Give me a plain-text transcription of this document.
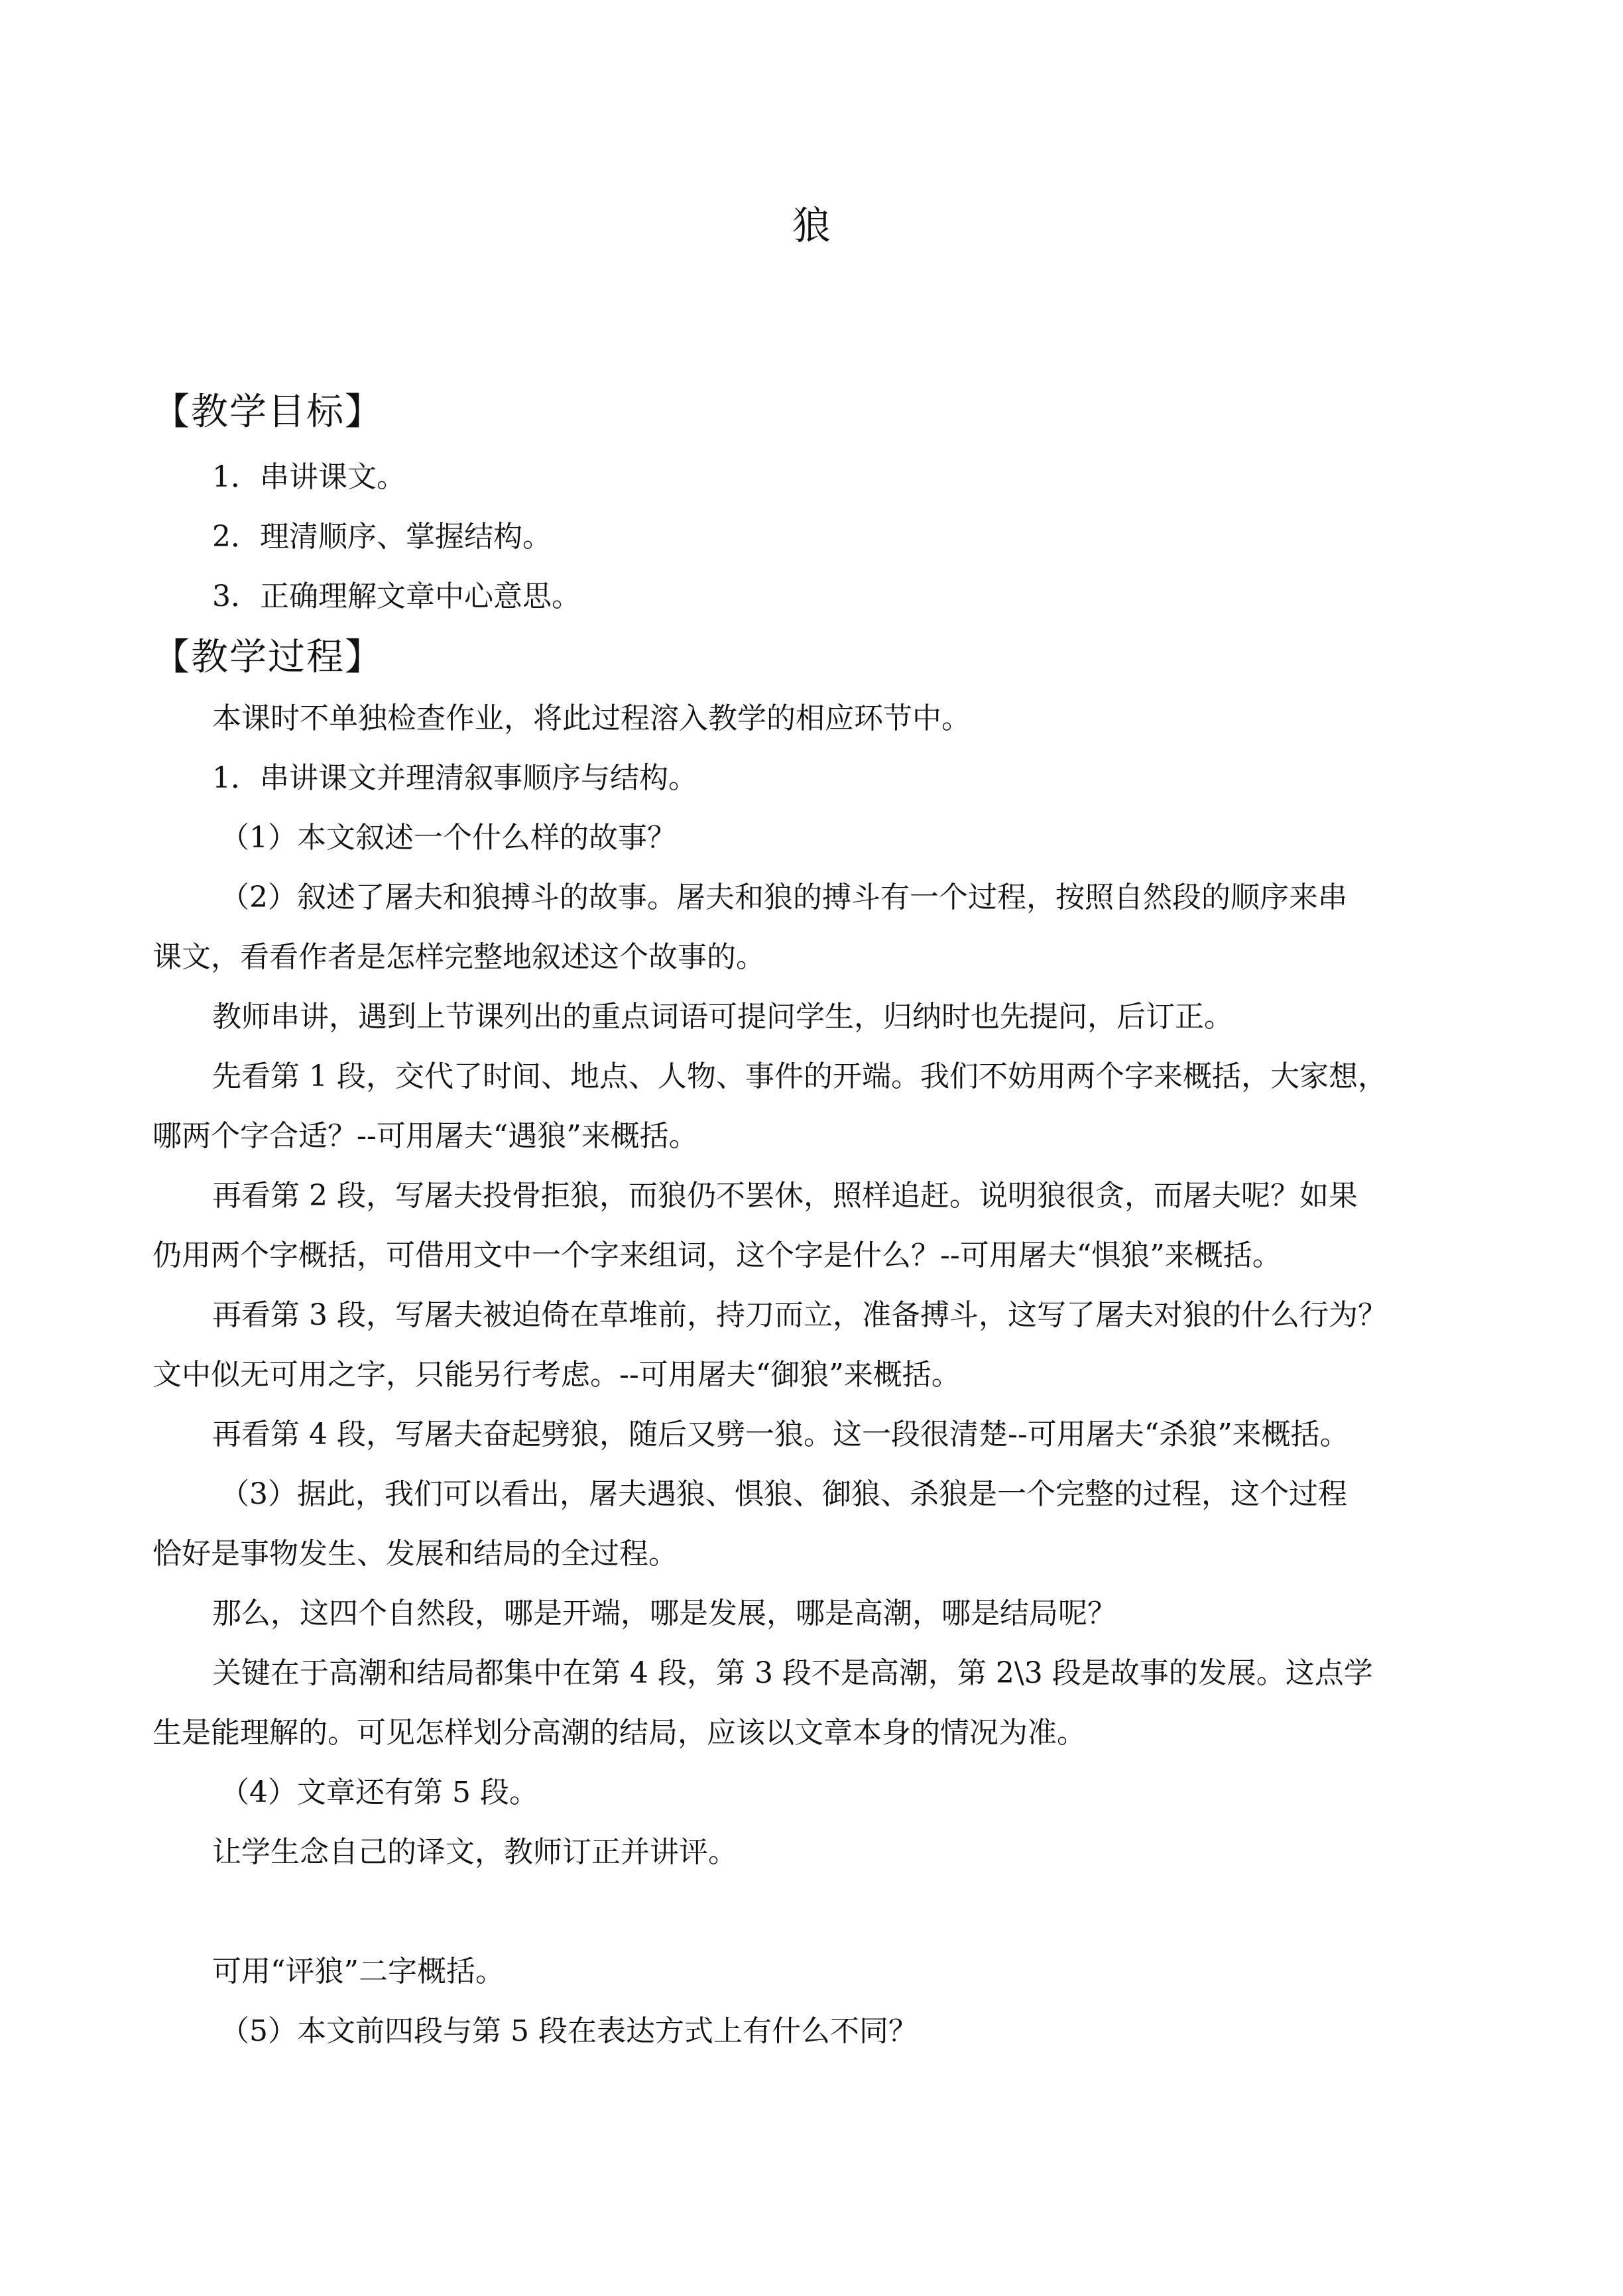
狼
【教学目标】
1．串讲课文。
2．理清顺序、掌握结构。
3．正确理解文章中心意思。
【教学过程】
本课时不单独检查作业，将此过程溶入教学的相应环节中。
1．串讲课文并理清叙事顺序与结构。
（1）本文叙述一个什么样的故事？
（2）叙述了屠夫和狼搏斗的故事。屠夫和狼的搏斗有一个过程，按照自然段的顺序来串
课文，看看作者是怎样完整地叙述这个故事的。
教师串讲，遇到上节课列出的重点词语可提问学生，归纳时也先提问，后订正。
先看第 1 段，交代了时间、地点、人物、事件的开端。我们不妨用两个字来概括，大家想，
哪两个字合适？--可用屠夫“遇狼”来概括。
再看第 2 段，写屠夫投骨拒狼，而狼仍不罢休，照样追赶。说明狼很贪，而屠夫呢？如果
仍用两个字概括，可借用文中一个字来组词，这个字是什么？--可用屠夫“惧狼”来概括。
再看第 3 段，写屠夫被迫倚在草堆前，持刀而立，准备搏斗，这写了屠夫对狼的什么行为？
文中似无可用之字，只能另行考虑。--可用屠夫“御狼”来概括。
再看第 4 段，写屠夫奋起劈狼，随后又劈一狼。这一段很清楚--可用屠夫“杀狼”来概括。
（3）据此，我们可以看出，屠夫遇狼、惧狼、御狼、杀狼是一个完整的过程，这个过程
恰好是事物发生、发展和结局的全过程。
那么，这四个自然段，哪是开端，哪是发展，哪是高潮，哪是结局呢？
关键在于高潮和结局都集中在第 4 段，第 3 段不是高潮，第 2\3 段是故事的发展。这点学
生是能理解的。可见怎样划分高潮的结局，应该以文章本身的情况为准。
（4）文章还有第 5 段。
让学生念自己的译文，教师订正并讲评。
可用“评狼”二字概括。
（5）本文前四段与第 5 段在表达方式上有什么不同？
